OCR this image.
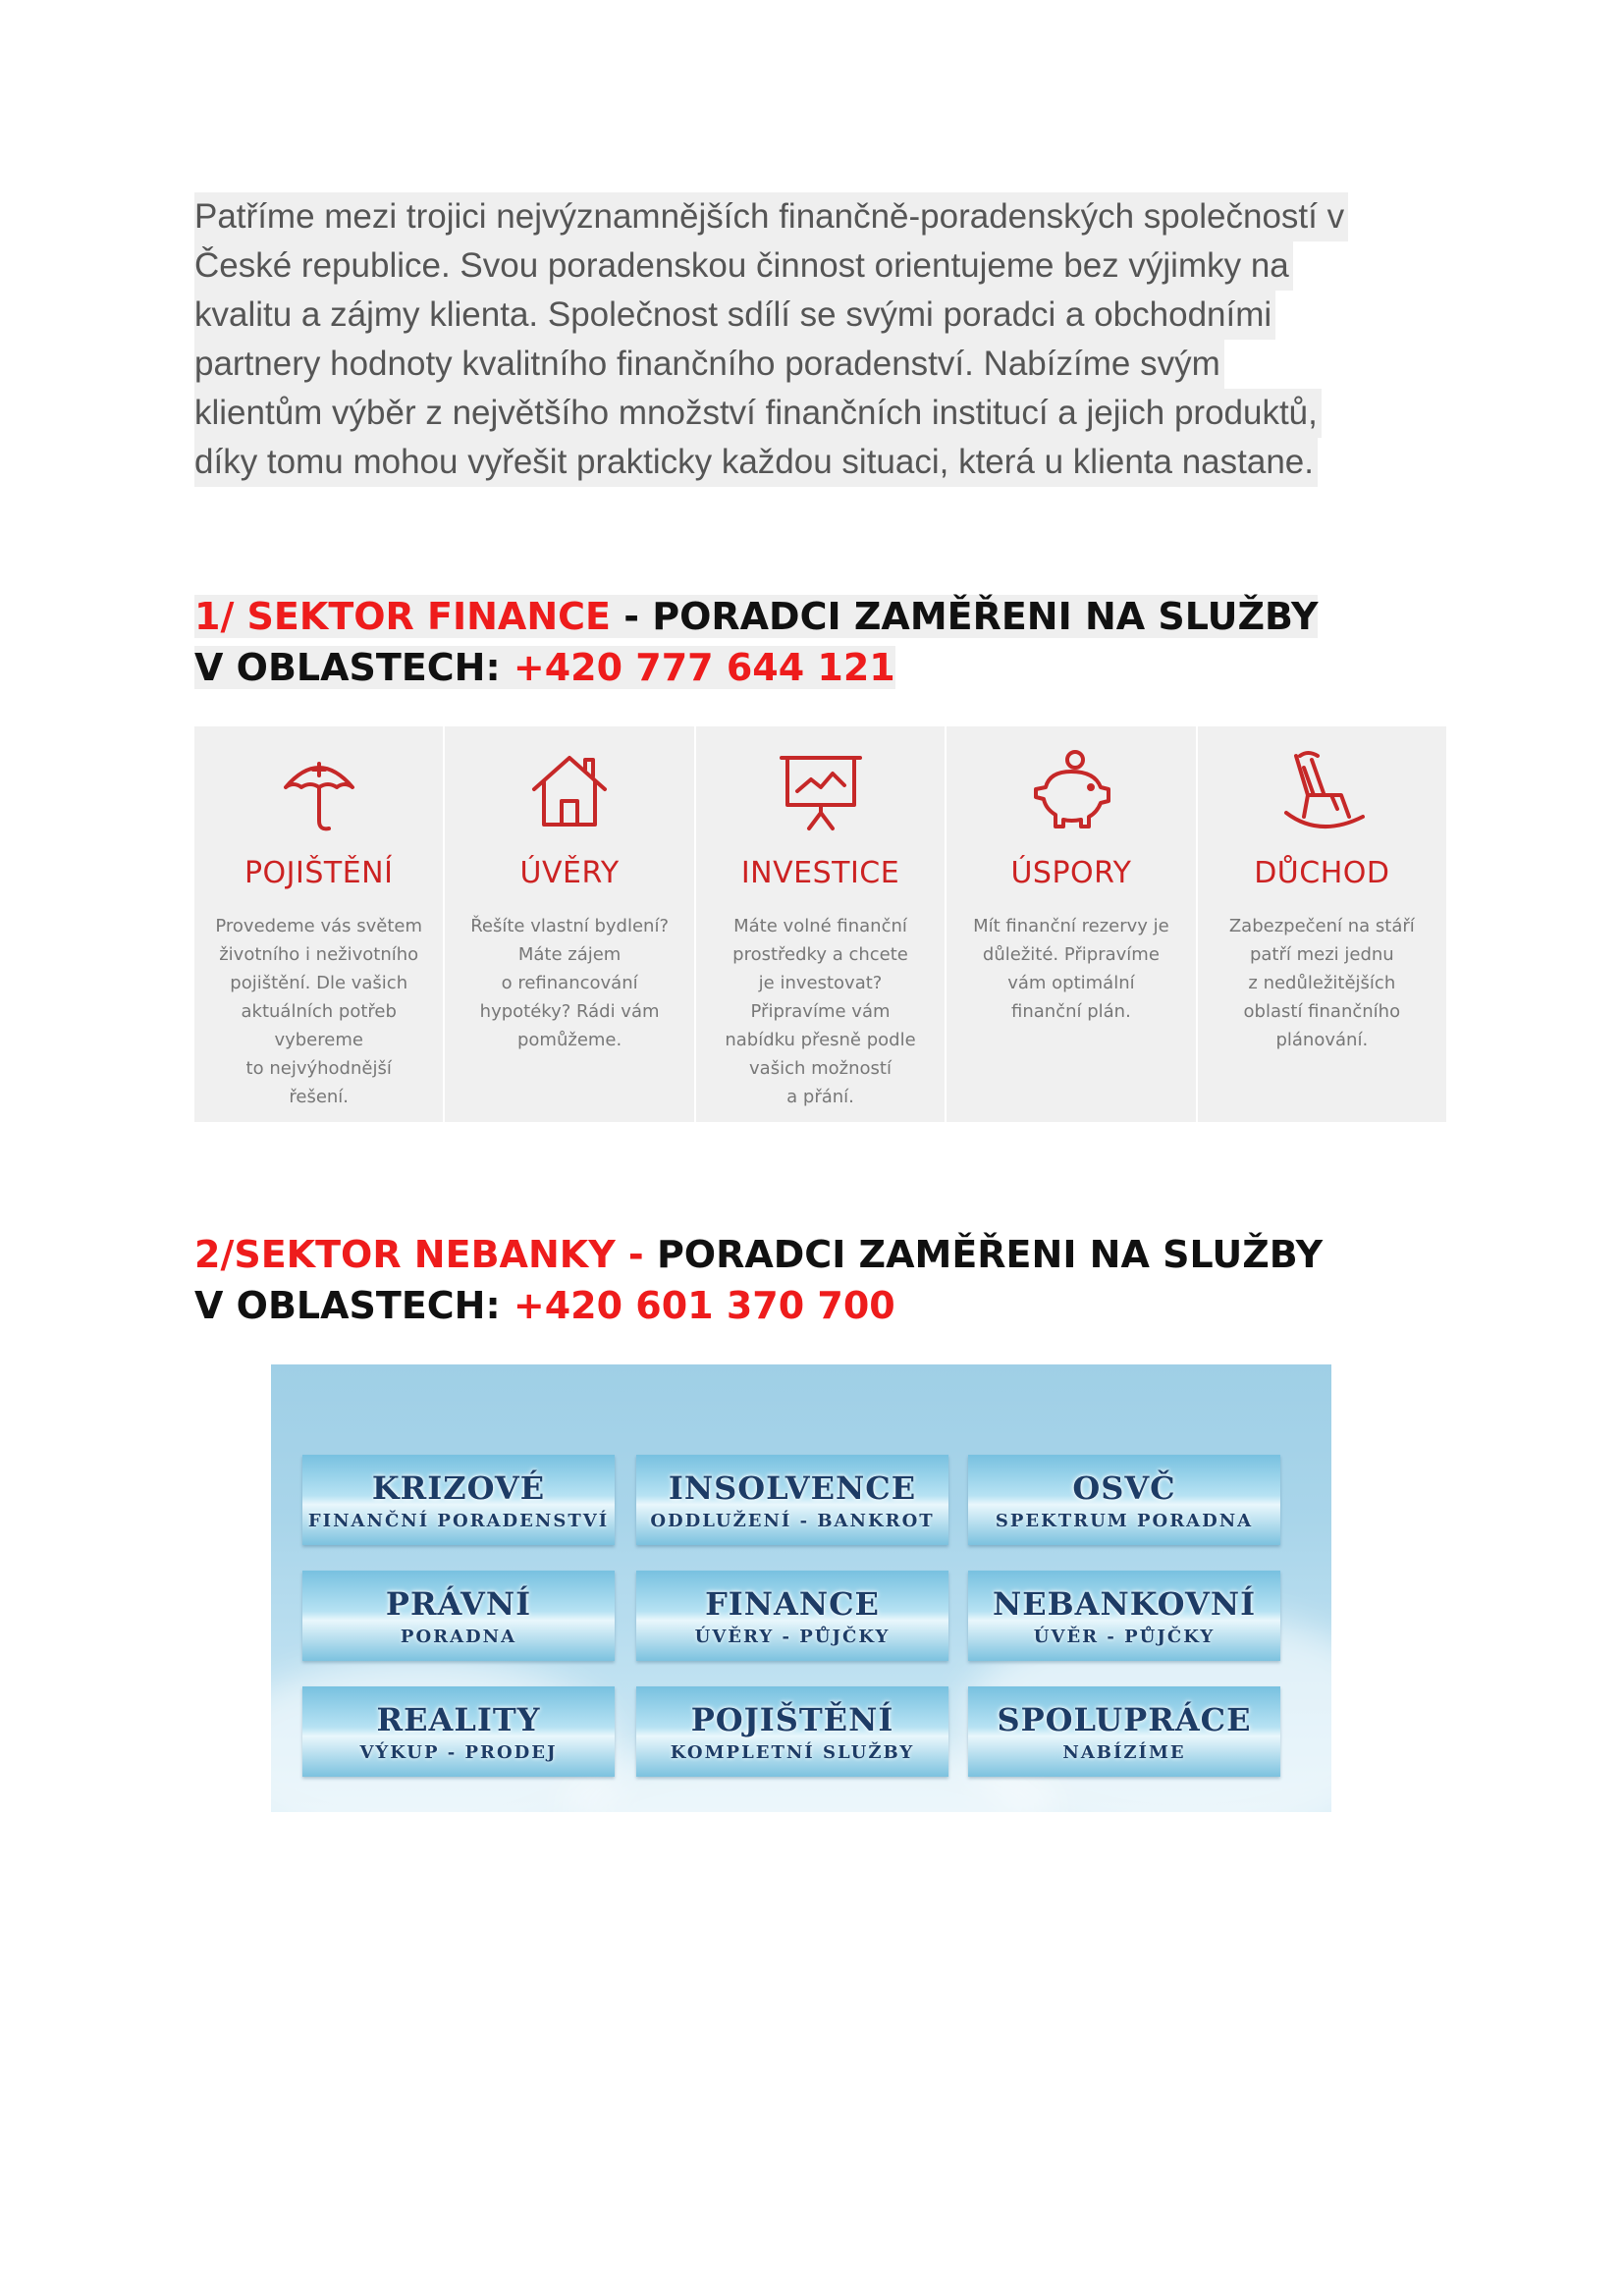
Patříme mezi trojici nejvýznamnějších finančně-poradenských společností v
České republice. Svou poradenskou činnost orientujeme bez výjimky na
kvalitu a zájmy klienta. Společnost sdílí se svými poradci a obchodními
partnery hodnoty kvalitního finančního poradenství. Nabízíme svým
klientům výběr z největšího množství finančních institucí a jejich produktů,
díky tomu mohou vyřešit prakticky každou situaci, která u klienta nastane.
1/ SEKTOR FINANCE - PORADCI ZAMĚŘENI NA SLUŽBY
V OBLASTECH: +420 777 644 121
POJIŠTĚNÍ
Provedeme vás světem
životního i neživotního
pojištění. Dle vašich
aktuálních potřeb
vybereme
to nejvýhodnější
řešení.
ÚVĚRY
Řešíte vlastní bydlení?
Máte zájem
o refinancování
hypotéky? Rádi vám
pomůžeme.
INVESTICE
Máte volné finanční
prostředky a chcete
je investovat?
Připravíme vám
nabídku přesně podle
vašich možností
a přání.
ÚSPORY
Mít finanční rezervy je
důležité. Připravíme
vám optimální
finanční plán.
DŮCHOD
Zabezpečení na stáří
patří mezi jednu
z nedůležitějších
oblastí finančního
plánování.
2/SEKTOR NEBANKY - PORADCI ZAMĚŘENI NA SLUŽBY
V OBLASTECH: +420 601 370 700
KRIZOVÉ
FINANČNÍ PORADENSTVÍ
INSOLVENCE
ODDLUŽENÍ - BANKROT
OSVČ
SPEKTRUM PORADNA
PRÁVNÍ
PORADNA
FINANCE
ÚVĚRY - PŮJČKY
NEBANKOVNÍ
ÚVĚR - PŮJČKY
REALITY
VÝKUP - PRODEJ
POJIŠTĚNÍ
KOMPLETNÍ SLUŽBY
SPOLUPRÁCE
NABÍZÍME
